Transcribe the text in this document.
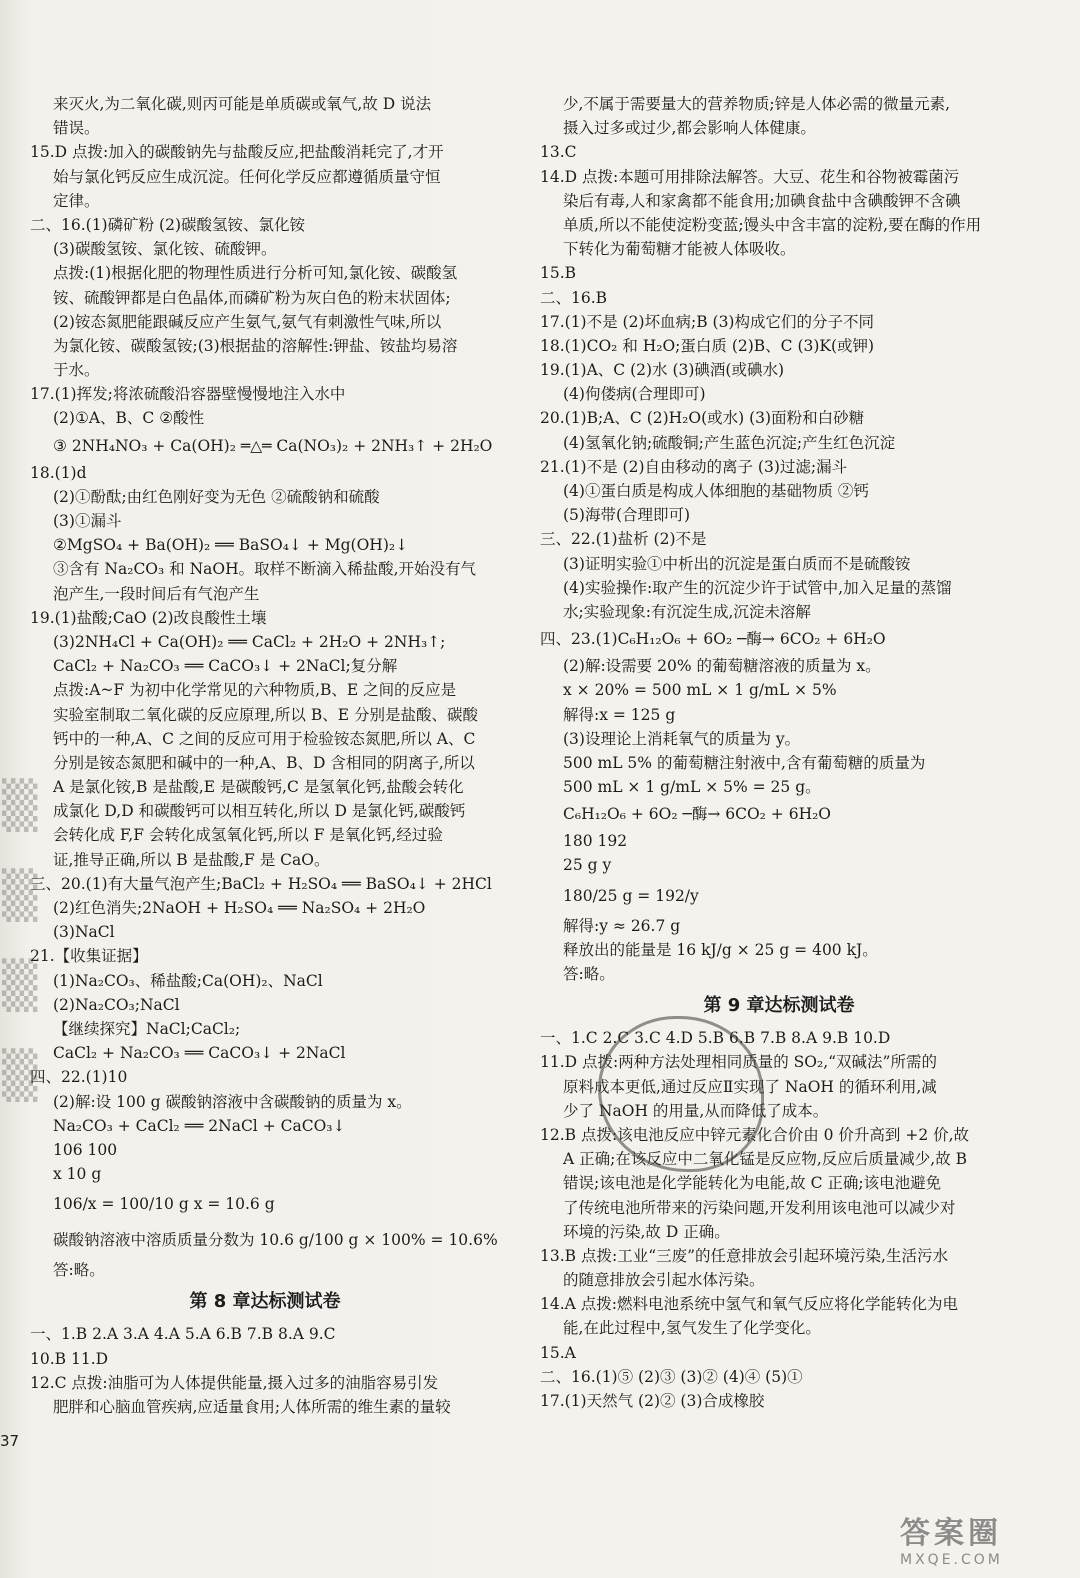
▒
▒
▒
▒
来灭火,为二氧化碳,则丙可能是单质碳或氧气,故 D 说法
错误。
15.D 点拨:加入的碳酸钠先与盐酸反应,把盐酸消耗完了,才开
始与氯化钙反应生成沉淀。任何化学反应都遵循质量守恒
定律。
二、16.(1)磷矿粉 (2)碳酸氢铵、氯化铵
(3)碳酸氢铵、氯化铵、硫酸钾。
点拨:(1)根据化肥的物理性质进行分析可知,氯化铵、碳酸氢
铵、硫酸钾都是白色晶体,而磷矿粉为灰白色的粉末状固体;
(2)铵态氮肥能跟碱反应产生氨气,氨气有刺激性气味,所以
为氯化铵、碳酸氢铵;(3)根据盐的溶解性:钾盐、铵盐均易溶
于水。
17.(1)挥发;将浓硫酸沿容器壁慢慢地注入水中
(2)①A、B、C ②酸性
③ 2NH₄NO₃ + Ca(OH)₂ ═△═ Ca(NO₃)₂ + 2NH₃↑ + 2H₂O
18.(1)d
(2)①酚酞;由红色刚好变为无色 ②硫酸钠和硫酸
(3)①漏斗
②MgSO₄ + Ba(OH)₂ ══ BaSO₄↓ + Mg(OH)₂↓
③含有 Na₂CO₃ 和 NaOH。取样不断滴入稀盐酸,开始没有气
泡产生,一段时间后有气泡产生
19.(1)盐酸;CaO (2)改良酸性土壤
(3)2NH₄Cl + Ca(OH)₂ ══ CaCl₂ + 2H₂O + 2NH₃↑;
CaCl₂ + Na₂CO₃ ══ CaCO₃↓ + 2NaCl;复分解
点拨:A~F 为初中化学常见的六种物质,B、E 之间的反应是
实验室制取二氧化碳的反应原理,所以 B、E 分别是盐酸、碳酸
钙中的一种,A、C 之间的反应可用于检验铵态氮肥,所以 A、C
分别是铵态氮肥和碱中的一种,A、B、D 含相同的阴离子,所以
A 是氯化铵,B 是盐酸,E 是碳酸钙,C 是氢氧化钙,盐酸会转化
成氯化 D,D 和碳酸钙可以相互转化,所以 D 是氯化钙,碳酸钙
会转化成 F,F 会转化成氢氧化钙,所以 F 是氧化钙,经过验
证,推导正确,所以 B 是盐酸,F 是 CaO。
三、20.(1)有大量气泡产生;BaCl₂ + H₂SO₄ ══ BaSO₄↓ + 2HCl
(2)红色消失;2NaOH + H₂SO₄ ══ Na₂SO₄ + 2H₂O
(3)NaCl
21.【收集证据】
(1)Na₂CO₃、稀盐酸;Ca(OH)₂、NaCl
(2)Na₂CO₃;NaCl
【继续探究】NaCl;CaCl₂;
CaCl₂ + Na₂CO₃ ══ CaCO₃↓ + 2NaCl
四、22.(1)10
(2)解:设 100 g 碳酸钠溶液中含碳酸钠的质量为 x。
Na₂CO₃ + CaCl₂ ══ 2NaCl + CaCO₃↓
106 100
x 10 g
106/x = 100/10 g x = 10.6 g
碳酸钠溶液中溶质质量分数为 10.6 g/100 g × 100% = 10.6%
答:略。
第 8 章达标测试卷
一、1.B 2.A 3.A 4.A 5.A 6.B 7.B 8.A 9.C
10.B 11.D
12.C 点拨:油脂可为人体提供能量,摄入过多的油脂容易引发
肥胖和心脑血管疾病,应适量食用;人体所需的维生素的量较
少,不属于需要量大的营养物质;锌是人体必需的微量元素,
摄入过多或过少,都会影响人体健康。
13.C
14.D 点拨:本题可用排除法解答。大豆、花生和谷物被霉菌污
染后有毒,人和家禽都不能食用;加碘食盐中含碘酸钾不含碘
单质,所以不能使淀粉变蓝;馒头中含丰富的淀粉,要在酶的作用
下转化为葡萄糖才能被人体吸收。
15.B
二、16.B
17.(1)不是 (2)坏血病;B (3)构成它们的分子不同
18.(1)CO₂ 和 H₂O;蛋白质 (2)B、C (3)K(或钾)
19.(1)A、C (2)水 (3)碘酒(或碘水)
(4)佝偻病(合理即可)
20.(1)B;A、C (2)H₂O(或水) (3)面粉和白砂糖
(4)氢氧化钠;硫酸铜;产生蓝色沉淀;产生红色沉淀
21.(1)不是 (2)自由移动的离子 (3)过滤;漏斗
(4)①蛋白质是构成人体细胞的基础物质 ②钙
(5)海带(合理即可)
三、22.(1)盐析 (2)不是
(3)证明实验①中析出的沉淀是蛋白质而不是硫酸铵
(4)实验操作:取产生的沉淀少许于试管中,加入足量的蒸馏
水;实验现象:有沉淀生成,沉淀未溶解
四、23.(1)C₆H₁₂O₆ + 6O₂ ─酶→ 6CO₂ + 6H₂O
(2)解:设需要 20% 的葡萄糖溶液的质量为 x。
x × 20% = 500 mL × 1 g/mL × 5%
解得:x = 125 g
(3)设理论上消耗氧气的质量为 y。
500 mL 5% 的葡萄糖注射液中,含有葡萄糖的质量为
500 mL × 1 g/mL × 5% = 25 g。
C₆H₁₂O₆ + 6O₂ ─酶→ 6CO₂ + 6H₂O
180 192
25 g y
180/25 g = 192/y
解得:y ≈ 26.7 g
释放出的能量是 16 kJ/g × 25 g = 400 kJ。
答:略。
第 9 章达标测试卷
一、1.C 2.C 3.C 4.D 5.B 6.B 7.B 8.A 9.B 10.D
11.D 点拨:两种方法处理相同质量的 SO₂,“双碱法”所需的
原料成本更低,通过反应Ⅱ实现了 NaOH 的循环利用,减
少了 NaOH 的用量,从而降低了成本。
12.B 点拨:该电池反应中锌元素化合价由 0 价升高到 +2 价,故
A 正确;在该反应中二氧化锰是反应物,反应后质量减少,故 B
错误;该电池是化学能转化为电能,故 C 正确;该电池避免
了传统电池所带来的污染问题,开发利用该电池可以减少对
环境的污染,故 D 正确。
13.B 点拨:工业“三废”的任意排放会引起环境污染,生活污水
的随意排放会引起水体污染。
14.A 点拨:燃料电池系统中氢气和氧气反应将化学能转化为电
能,在此过程中,氢气发生了化学变化。
15.A
二、16.(1)⑤ (2)③ (3)② (4)④ (5)①
17.(1)天然气 (2)② (3)合成橡胶
37
答案圈
MXQE.COM
